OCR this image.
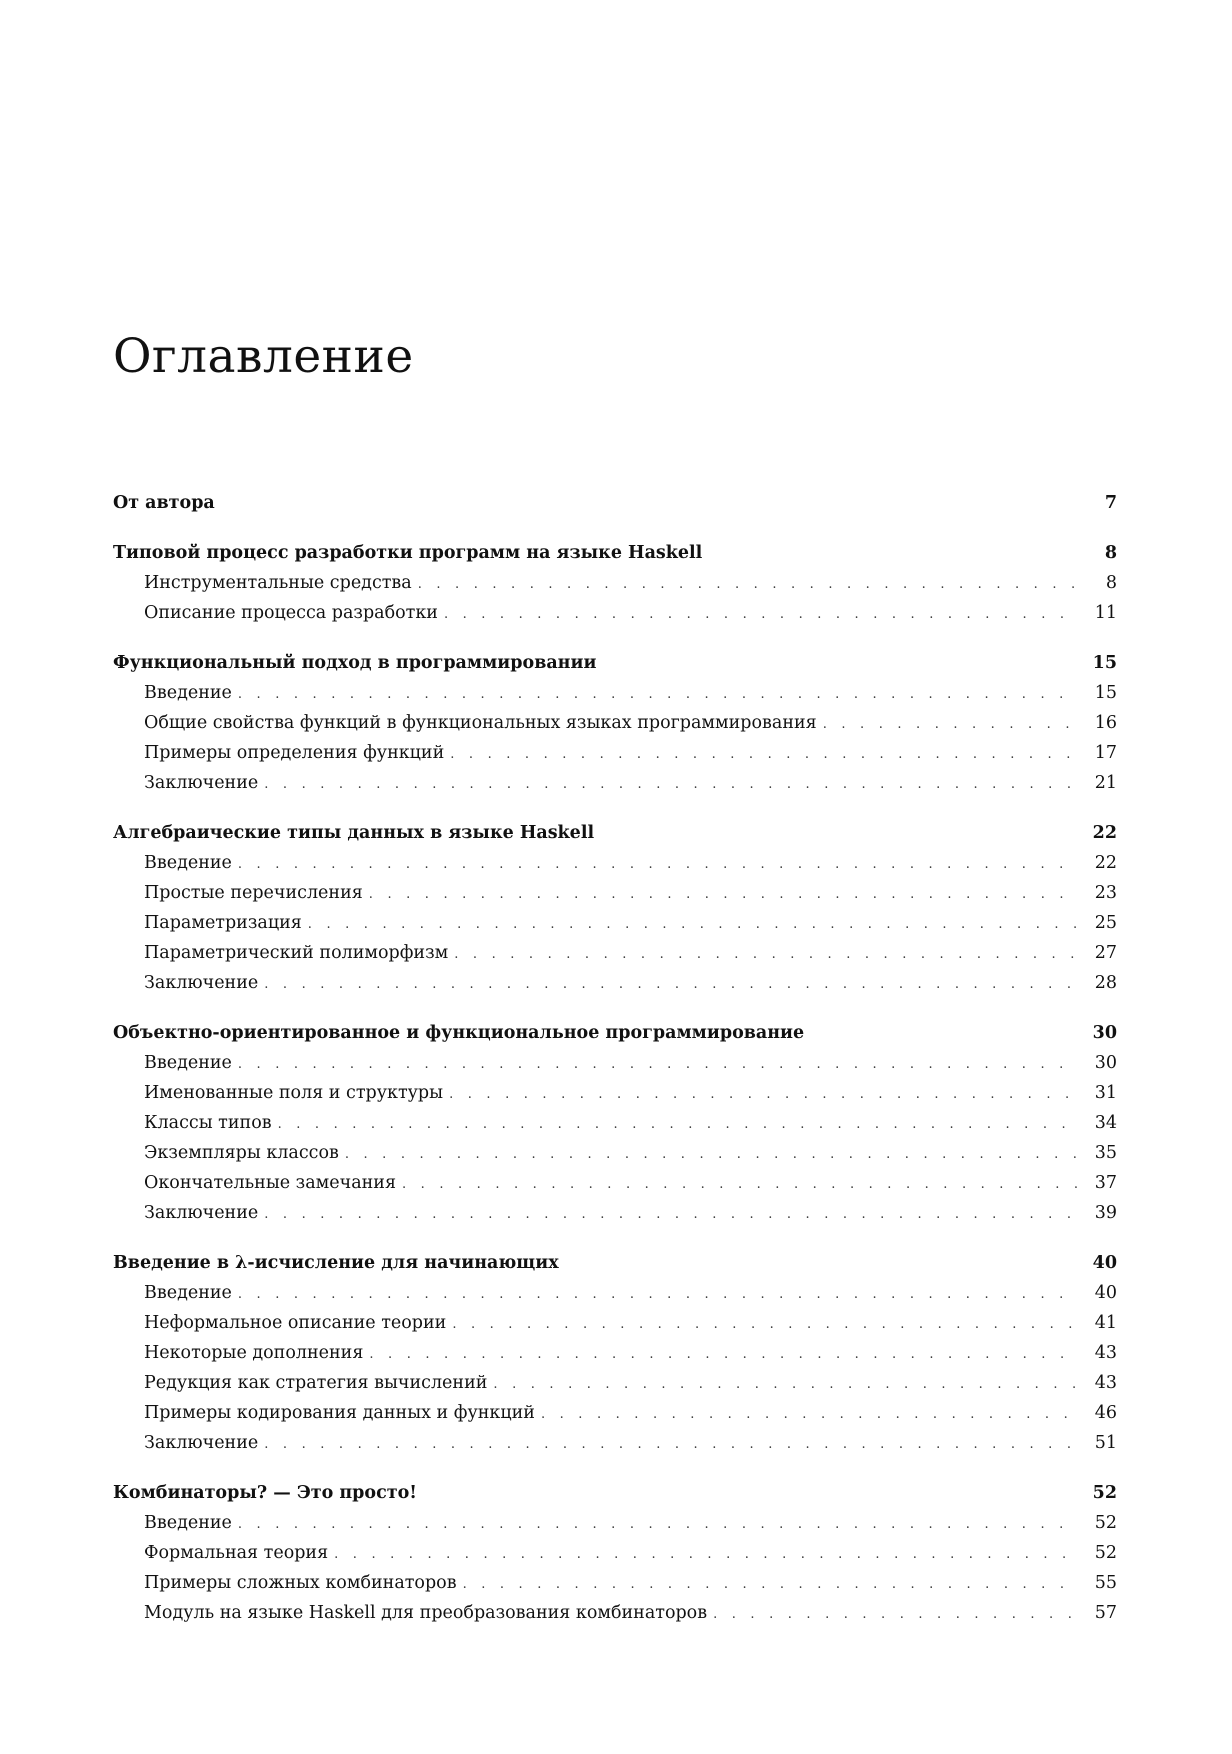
Оглавление
От автора	7
Типовой процесс разработки программ на языке Haskell	8
Инструментальные средства . . .	8
Описание процесса разработки . . .	11
Функциональный подход в программировании	15
Введение . . .	15
Общие свойства функций в функциональных языках программирования . . .	16
Примеры определения функций . . .	17
Заключение . . .	21
Алгебраические типы данных в языке Haskell	22
Введение . . .	22
Простые перечисления . . .	23
Параметризация . . .	25
Параметрический полиморфизм . . .	27
Заключение . . .	28
Объектно-ориентированное и функциональное программирование	30
Введение . . .	30
Именованные поля и структуры . . .	31
Классы типов . . .	34
Экземпляры классов . . .	35
Окончательные замечания . . .	37
Заключение . . .	39
Введение в λ-исчисление для начинающих	40
Введение . . .	40
Неформальное описание теории . . .	41
Некоторые дополнения . . .	43
Редукция как стратегия вычислений . . .	43
Примеры кодирования данных и функций . . .	46
Заключение . . .	51
Комбинаторы? — Это просто!	52
Введение . . .	52
Формальная теория . . .	52
Примеры сложных комбинаторов . . .	55
Модуль на языке Haskell для преобразования комбинаторов . . .	57
